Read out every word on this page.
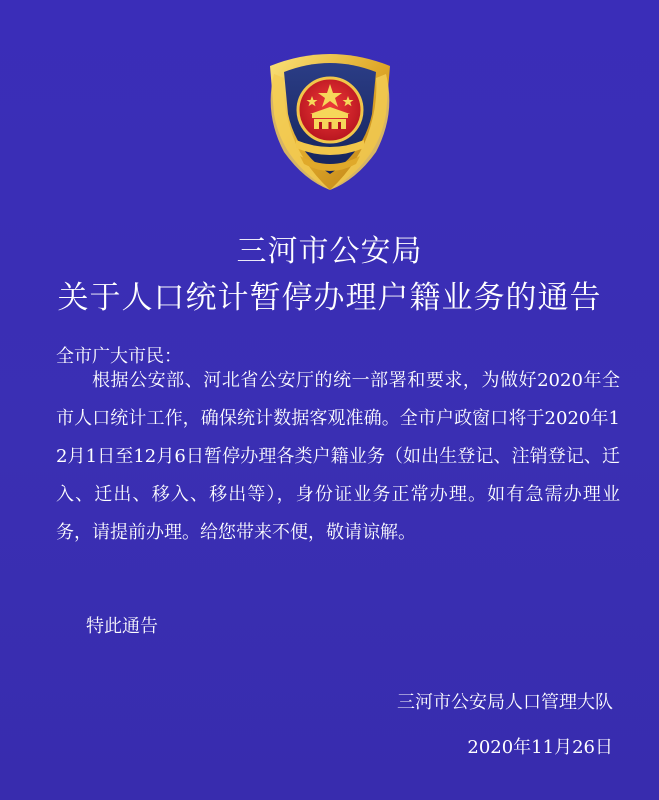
三河市公安局
关于人口统计暂停办理户籍业务的通告
全市广大市民：

根据公安部、河北省公安厅的统一部署和要求，为做好2020年全市人口统计工作，确保统计数据客观准确。全市户政窗口将于2020年12月1日至12月6日暂停办理各类户籍业务（如出生登记、注销登记、迁入、迁出、移入、移出等），身份证业务正常办理。如有急需办理业务，请提前办理。给您带来不便，敬请谅解。

特此通告
三河市公安局人口管理大队
2020年11月26日
